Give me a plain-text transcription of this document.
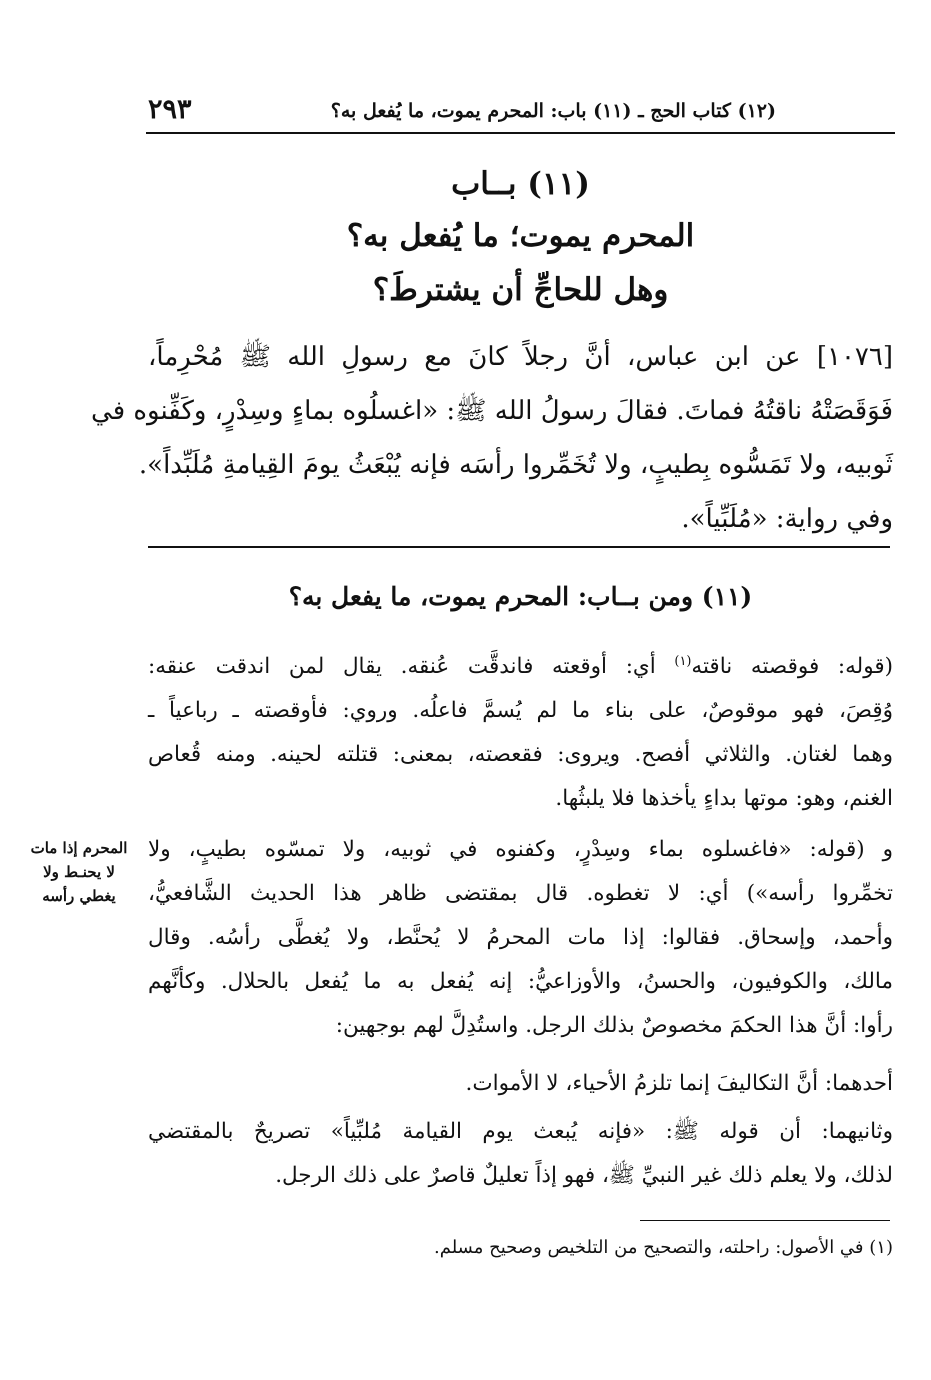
٢٩٣	(١٢) كتاب الحج ـ (١١) باب: المحرم يموت، ما يُفعل به؟
(١١) بــاب
المحرم يموت؛ ما يُفعل به؟
وهل للحاجِّ أن يشترطَ؟
[١٠٧٦] عن ابن عباس، أنَّ رجلاً كانَ مع رسولِ الله ﷺ مُحْرِماً،
فَوَقَصَتْهُ ناقتُهُ فماتَ. فقالَ رسولُ الله ﷺ: «اغسلُوه بماءٍ وسِدْرٍ، وكَفِّنوه في
ثَوبيه، ولا تَمَسُّوه بِطيبٍ، ولا تُخَمِّروا رأسَه فإنه يُبْعَثُ يومَ القِيامةِ مُلَبِّداً».
وفي رواية: «مُلَبِّياً».
(١١) ومن بــاب: المحرم يموت، ما يفعل به؟
(قوله: فوقصته ناقته$^{(١)}$ أي: أوقعته فاندقَّت عُنقه. يقال لمن اندقت عنقه:
وُقِصَ، فهو موقوصٌ، على بناء ما لم يُسمَّ فاعلُه. وروي: فأوقصته ـ رباعياً ـ
وهما لغتان. والثلاثي أفصح. ويروى: فقعصته، بمعنى: قتلته لحينه. ومنه قُعاص
الغنم، وهو: موتها بداءٍ يأخذها فلا يلبثُها.
و (قوله: «فاغسلوه بماء وسِدْرٍ، وكفنوه في ثوبيه، ولا تمسّوه بطيبٍ، ولا
تخمِّروا رأسه») أي: لا تغطوه. قال بمقتضى ظاهر هذا الحديث الشَّافعيُّ،
وأحمد، وإسحاق. فقالوا: إذا مات المحرمُ لا يُحنَّط، ولا يُغطَّى رأسُه. وقال
مالك، والكوفيون، والحسنُ، والأوزاعيُّ: إنه يُفعل به ما يُفعل بالحلال. وكأنَّهم
رأوا: أنَّ هذا الحكمَ مخصوصٌ بذلك الرجل. واستُدِلَّ لهم بوجهين:
أحدهما: أنَّ التكاليفَ إنما تلزمُ الأحياء، لا الأموات.
وثانيهما: أن قوله ﷺ: «فإنه يُبعث يوم القيامة مُلبِّياً» تصريحٌ بالمقتضي
لذلك، ولا يعلم ذلك غير النبيِّ ﷺ، فهو إذاً تعليلٌ قاصرٌ على ذلك الرجل.
المحرم إذا مات
لا يحنـط ولا
يغطي رأسه
(١) في الأصول: راحلته، والتصحيح من التلخيص وصحيح مسلم.
